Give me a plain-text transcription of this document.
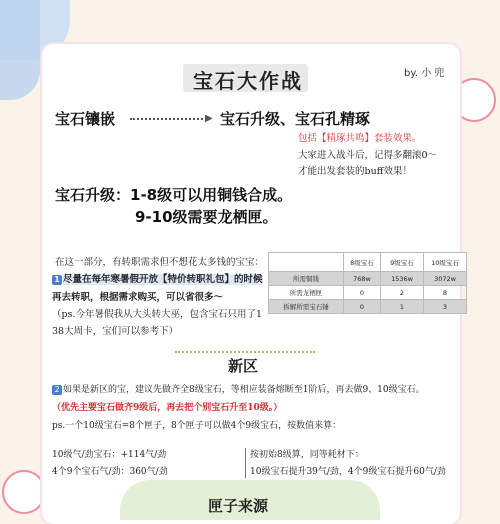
宝石大作战	by. 小 兜
宝石镶嵌	▶ 宝石升级、宝石孔精琢
包括【精琢共鸣】套装效果。
大家进入战斗后，记得多翻滚0～
才能出发套装的buff效果！
宝石升级：1-8级可以用铜钱合成。
9-10级需要龙栖匣。
在这一部分，有转职需求但不想花太多钱的宝宝：
1 尽量在每年寒暑假开放【特价转职礼包】的时候
再去转职，根据需求购买，可以省很多～
（ps.今年暑假我从大头转大巫，包含宝石只用了1
38大周卡，宝们可以参考下）
	8级宝石	9级宝石	10级宝石
所需铜钱	768w	1536w	3072w
所需龙栖匣	0	2	8
拆解所需宝石锤	0	1	3
新区
2 如果是新区的宝，建议先做齐全8级宝石，等相应装备熔断至1阶后，再去做9、10级宝石。
（优先主要宝石做齐9级后，再去把个别宝石升至10级。）
ps.一个10级宝石=8个匣子，8个匣子可以做4个9级宝石，按数值来算：
10级气/劲宝石：+114气/劲
4个9个宝石气/劲：360气/劲
按初始8级算，同等耗材下：
10级宝石提升39气/劲，4个9级宝石提升60气/劲
匣子来源
